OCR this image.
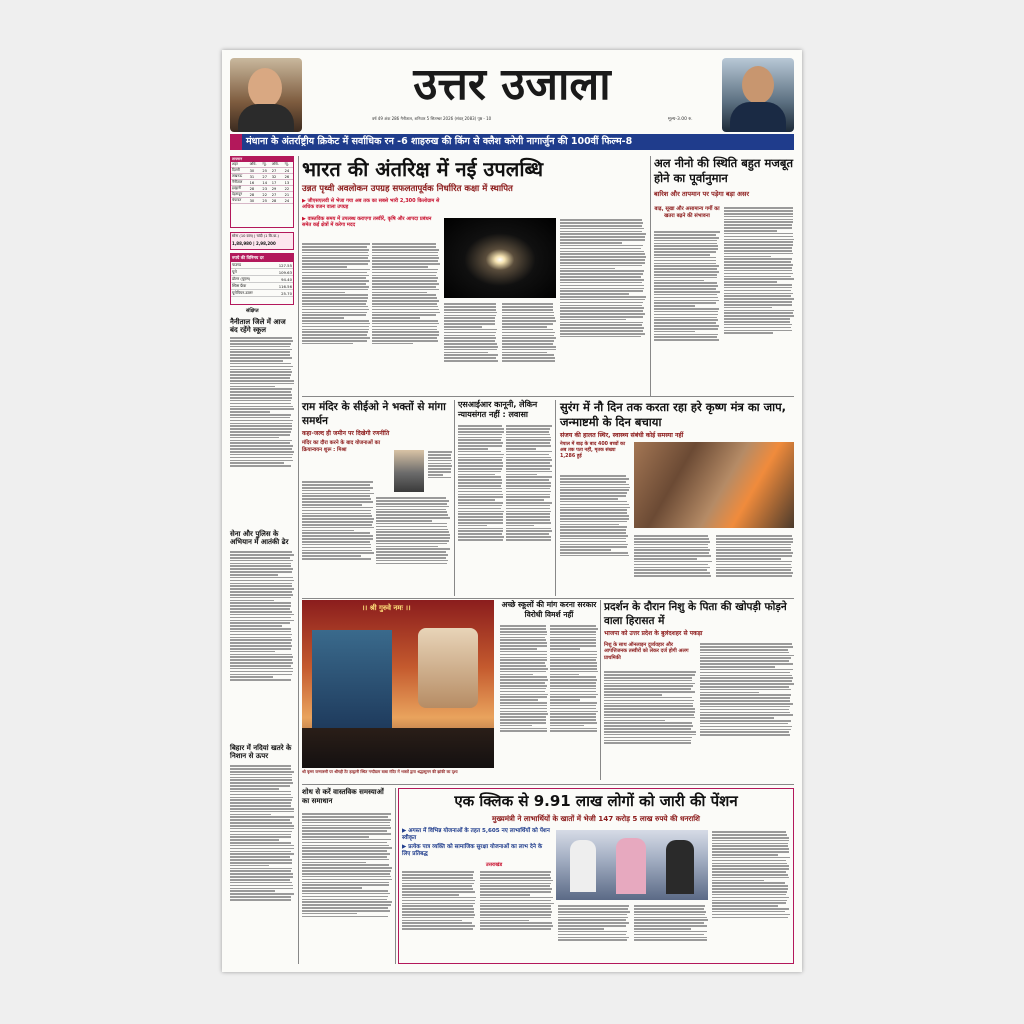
उत्तर उजाला
वर्ष 49 अंक 286 नैनीताल, शनिवार 5 सितम्बर 2026 (संवत् 2083) पृष्ठ - 10	मूल्य-3.00 रु.
मंधाना के अंतर्राष्ट्रीय क्रिकेट में सर्वाधिक रन -6 शाहरुख की किंग से क्लैश करेगी नागार्जुन की 100वीं फिल्म-8
तापमान				
शहर	अधि.	न्यू.	अधि.	न्यू.
दिल्ली	30	25	27	24
लखनऊ	31	27	32	26
नैनीताल	16	14	17	13
हल्द्वानी	28	23	29	22
देहरादून	28	22	27	21
चंपावत	30	25	28	24
सोना (10 ग्राम) | चांदी (1 कि.ग्रा.)
1,88,980 | 2,98,200
रुपये की विनिमय दर
पाउण्ड	127.55
यूरो	109.63
डॉलर (यूएस)	94.40
स्विस फ्रैंक	116.56
यूरोपियन-डालर	25.70
संक्षिप्त
नैनीताल जिले में आज बंद रहेंगे स्कूल
सेना और पुलिस के अभियान में आतंकी ढेर
बिहार में नदियां खतरे के निशान से ऊपर
भारत की अंतरिक्ष में नई उपलब्धि
उन्नत पृथ्वी अवलोकन उपग्रह सफलतापूर्वक निर्धारित कक्षा में स्थापित
▶ जीएसएलवी से भेजा गया अब तक का सबसे भारी 2,300 किलोग्राम से अधिक वजन वाला उपग्रह
▶ वास्तविक समय में उपलब्ध कराएगा तस्वीरें, कृषि और आपदा प्रबंधन समेत कई क्षेत्रों में करेगा मदद
अल नीनो की स्थिति बहुत मजबूत होने का पूर्वानुमान
बारिश और तापमान पर पड़ेगा बड़ा असर
बाढ़, सूखा और असामान्य गर्मी का खतरा बढ़ने की संभावना
राम मंदिर के सीईओ ने भक्तों से मांगा समर्थन
कहा-जल्द ही जमीन पर दिखेगी रणनीति
मंदिर का दौरा करने के बाद योजनाओं का क्रियान्वयन शुरू : मिश्रा
एसआईआर कानूनी, लेकिन न्यायसंगत नहीं : लवासा
सुरंग में नौ दिन तक करता रहा हरे कृष्ण मंत्र का जाप, जन्माष्टमी के दिन बचाया
संजय की हालत स्थिर, स्वास्थ्य संबंधी कोई समस्या नहीं
नेपाल में बाढ़ के बाद 400 बच्चों का अब तक पता नहीं, मृतक संख्या 1,286 हुई
।। श्री गुरुवे नमः ।।
श्री कृष्ण जन्माष्टमी पर श्रीगद्दी टेंट हल्द्वानी स्थित नन्दीग्राम बाबा मंदिर में भक्तों द्वारा श्रद्धासुमन की झांकी का दृश्य
अच्छे स्कूलों की मांग करना सरकार विरोधी विमर्श नहीं
प्रदर्शन के दौरान निशु के पिता की खोपड़ी फोड़ने वाला हिरासत में
भाजपा को उत्तर प्रदेश के बुलंदशहर से पकड़ा
निशु के साथ ऑनलाइन दुर्व्यवहार और आपत्तिजनक तस्वीरों को लेकर दर्ज होगी अलग प्राथमिकी
शोध से करें वास्तविक समस्याओं का समाधान	एक क्लिक से 9.91 लाख लोगों को जारी की पेंशन
मुख्यमंत्री ने लाभार्थियों के खातों में भेजी 147 करोड़ 5 लाख रुपये की धनराशि
▶ अगस्त में विभिन्न योजनाओं के तहत 5,605 नए लाभार्थियों को पेंशन स्वीकृत
▶ प्रत्येक पात्र व्यक्ति को सामाजिक सुरक्षा योजनाओं का लाभ देने के लिए प्रतिबद्ध
उत्तराखंड
